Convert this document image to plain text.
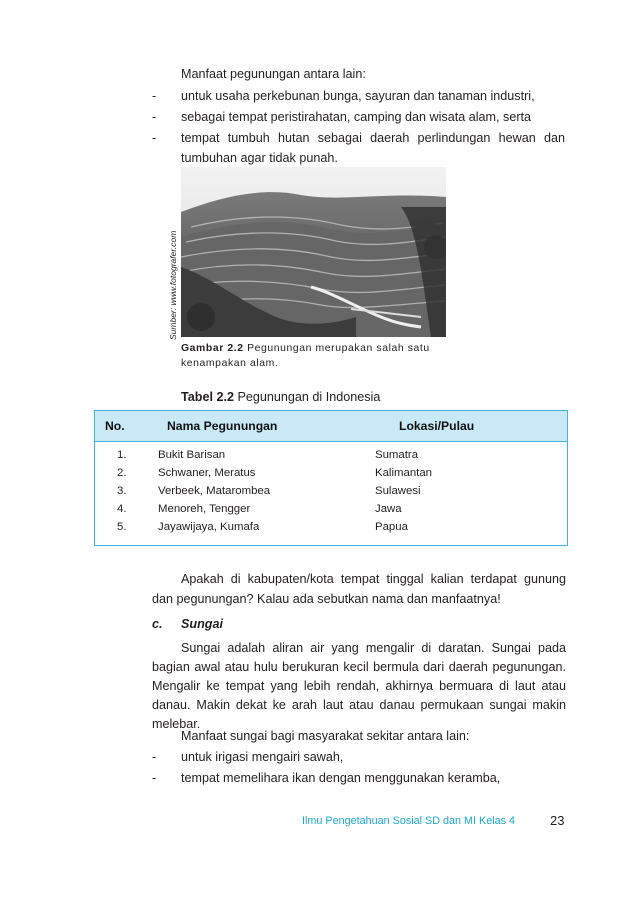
Manfaat pegunungan antara lain:
- untuk usaha perkebunan bunga, sayuran dan tanaman industri,
- sebagai tempat peristirahatan, camping dan wisata alam, serta
- tempat tumbuh hutan sebagai daerah perlindungan hewan dan
tumbuhan agar tidak punah.
Sumber: www.fotografer.com
Gambar 2.2 Pegunungan merupakan salah satu
kenampakan alam.
Tabel 2.2 Pegunungan di Indonesia
No.	Nama Pegunungan	Lokasi/Pulau
1.	Bukit Barisan	Sumatra
2.	Schwaner, Meratus	Kalimantan
3.	Verbeek, Matarombea	Sulawesi
4.	Menoreh, Tengger	Jawa
5.	Jayawijaya, Kumafa	Papua
Apakah di kabupaten/kota tempat tinggal kalian terdapat gunung
dan pegunungan? Kalau ada sebutkan nama dan manfaatnya!
c. Sungai
Sungai adalah aliran air yang mengalir di daratan. Sungai pada
bagian awal atau hulu berukuran kecil bermula dari daerah pegunungan.
Mengalir ke tempat yang lebih rendah, akhirnya bermuara di laut atau
danau. Makin dekat ke arah laut atau danau permukaan sungai makin
melebar.
Manfaat sungai bagi masyarakat sekitar antara lain:
- untuk irigasi mengairi sawah,
- tempat memelihara ikan dengan menggunakan keramba,
Ilmu Pengetahuan Sosial SD dan MI Kelas 4	23
